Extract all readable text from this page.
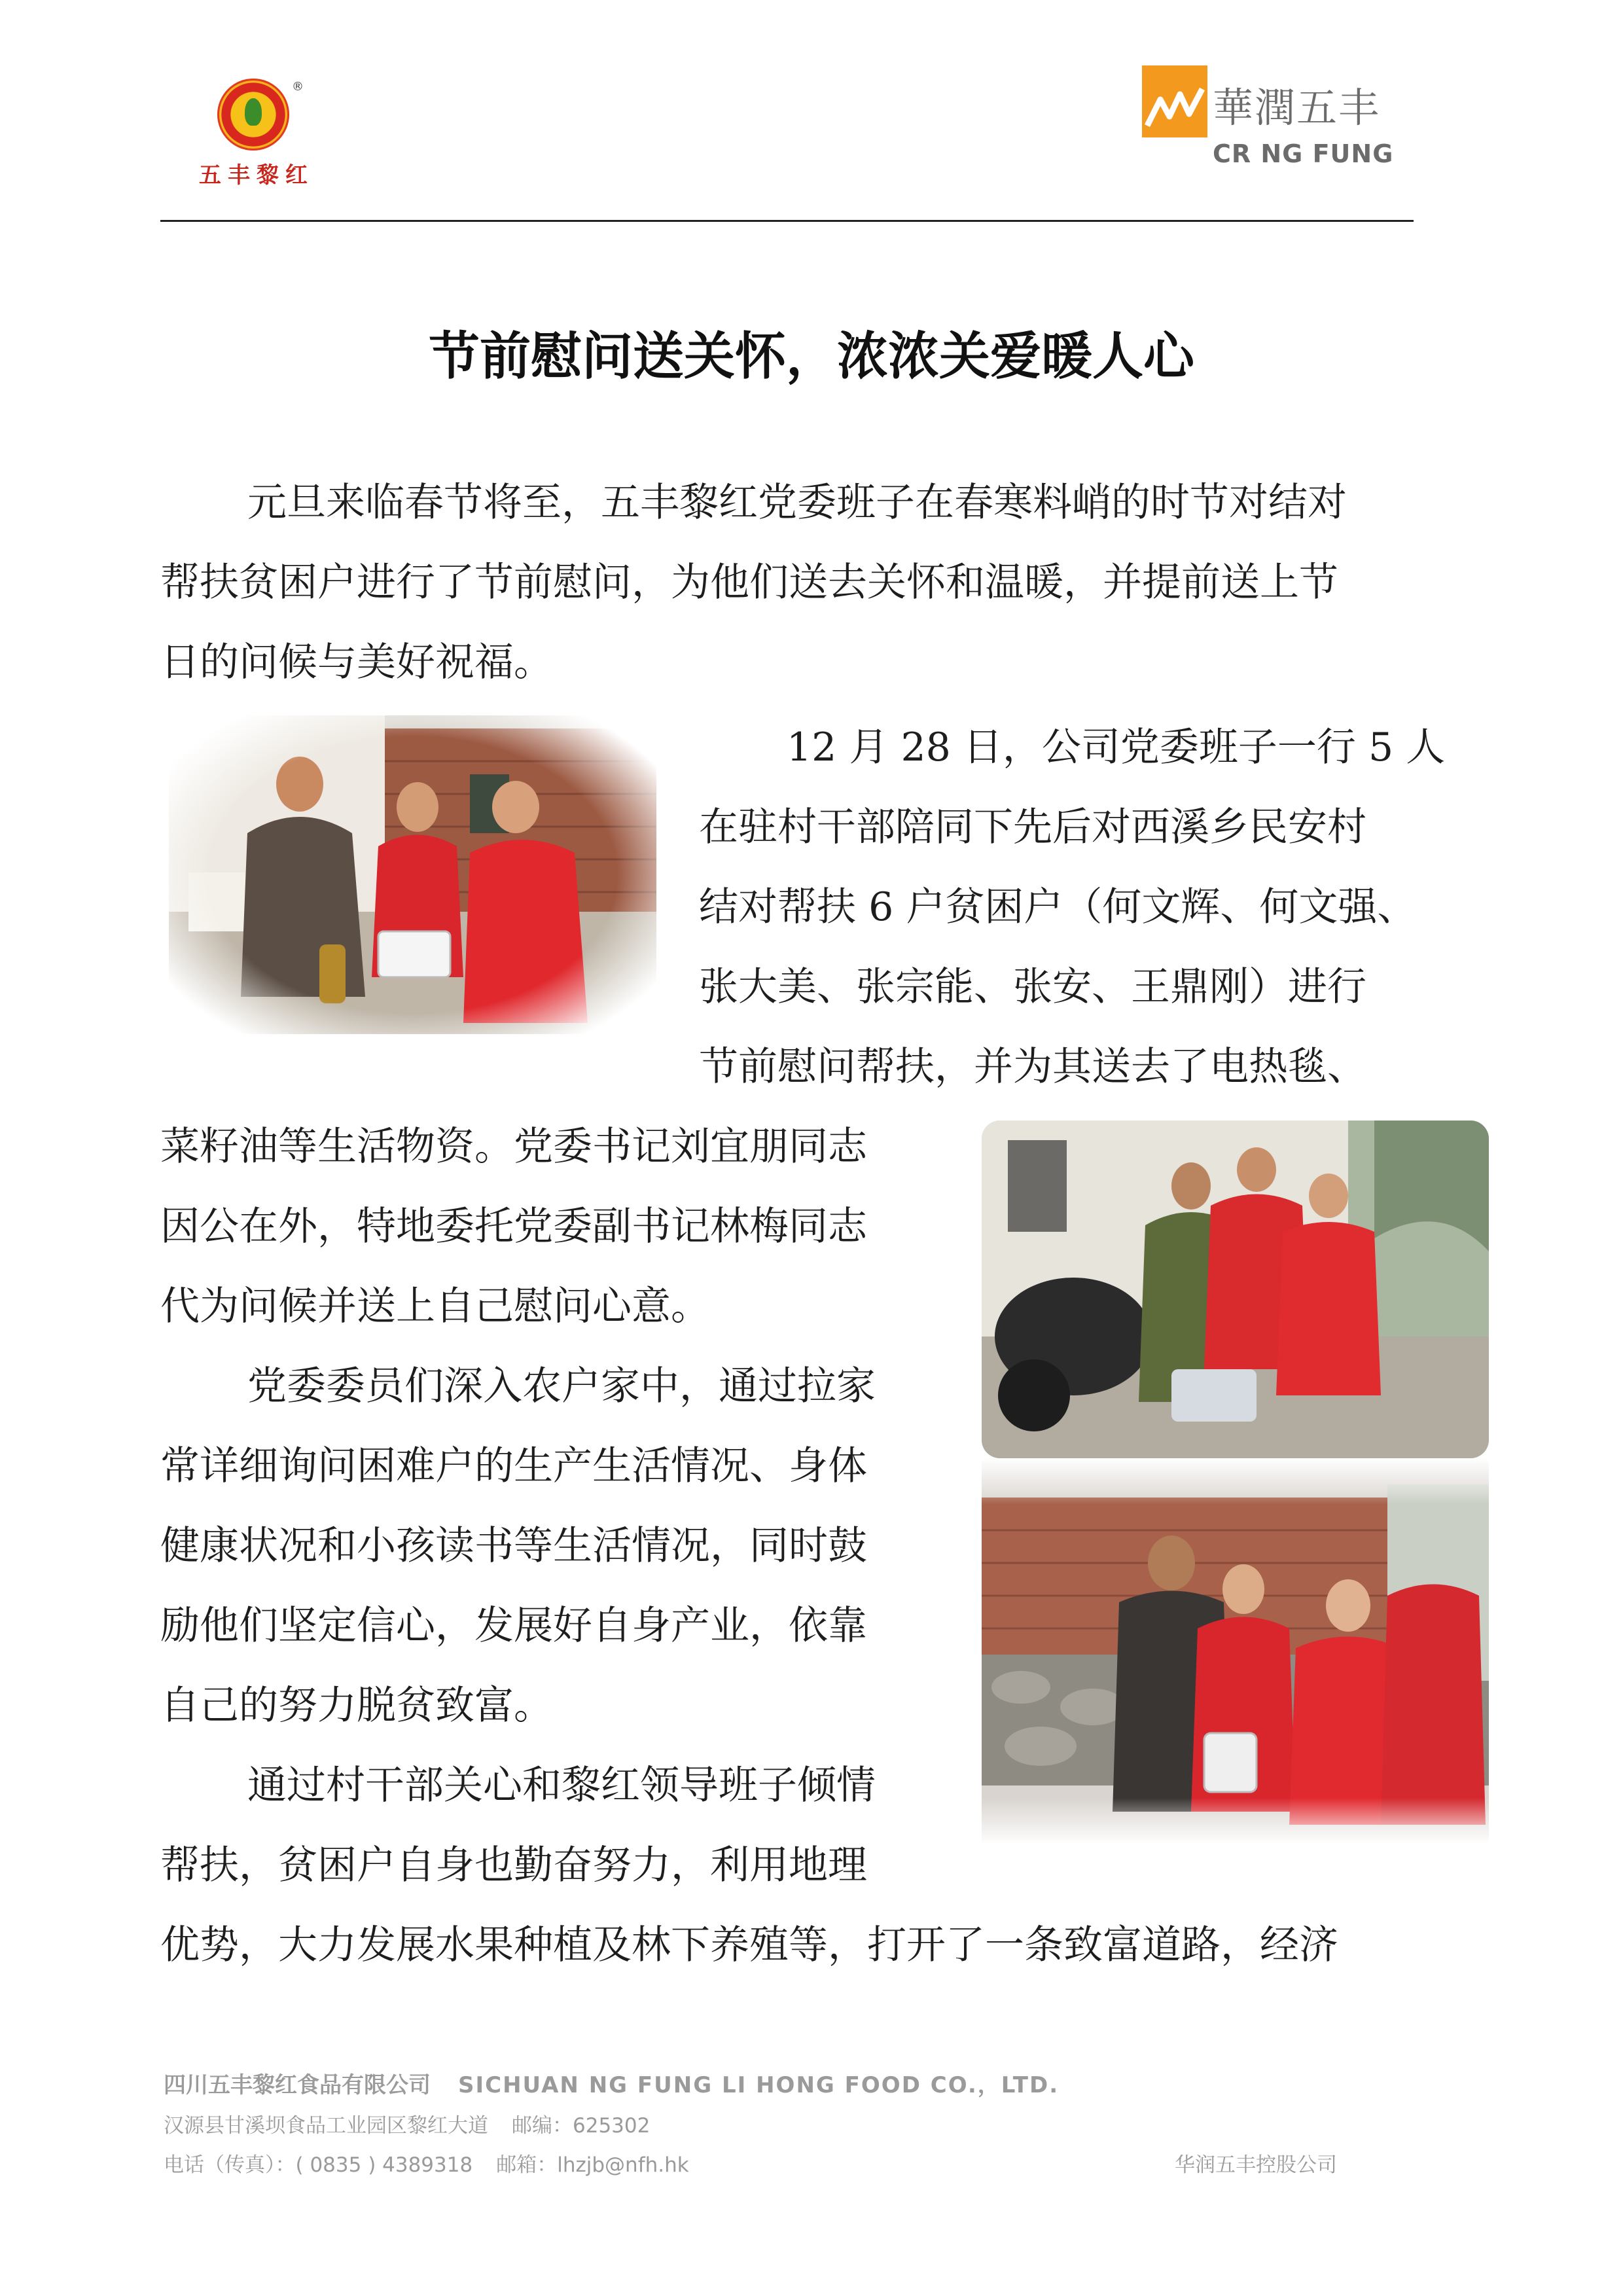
®
五丰黎红
華潤五丰
CR NG FUNG
节前慰问送关怀，浓浓关爱暖人心
元旦来临春节将至，五丰黎红党委班子在春寒料峭的时节对结对
帮扶贫困户进行了节前慰问，为他们送去关怀和温暖，并提前送上节
日的问候与美好祝福。
12 月 28 日，公司党委班子一行 5 人
在驻村干部陪同下先后对西溪乡民安村
结对帮扶 6 户贫困户（何文辉、何文强、
张大美、张宗能、张安、王鼎刚）进行
节前慰问帮扶，并为其送去了电热毯、
菜籽油等生活物资。党委书记刘宜朋同志
因公在外，特地委托党委副书记林梅同志
代为问候并送上自己慰问心意。
党委委员们深入农户家中，通过拉家
常详细询问困难户的生产生活情况、身体
健康状况和小孩读书等生活情况，同时鼓
励他们坚定信心，发展好自身产业，依靠
自己的努力脱贫致富。
通过村干部关心和黎红领导班子倾情
帮扶，贫困户自身也勤奋努力，利用地理
优势，大力发展水果种植及林下养殖等，打开了一条致富道路，经济
四川五丰黎红食品有限公司 SICHUAN NG FUNG LI HONG FOOD CO.，LTD.
汉源县甘溪坝食品工业园区黎红大道 邮编：625302
电话（传真）：( 0835 ) 4389318 邮箱：lhzjb@nfh.hk	华润五丰控股公司
